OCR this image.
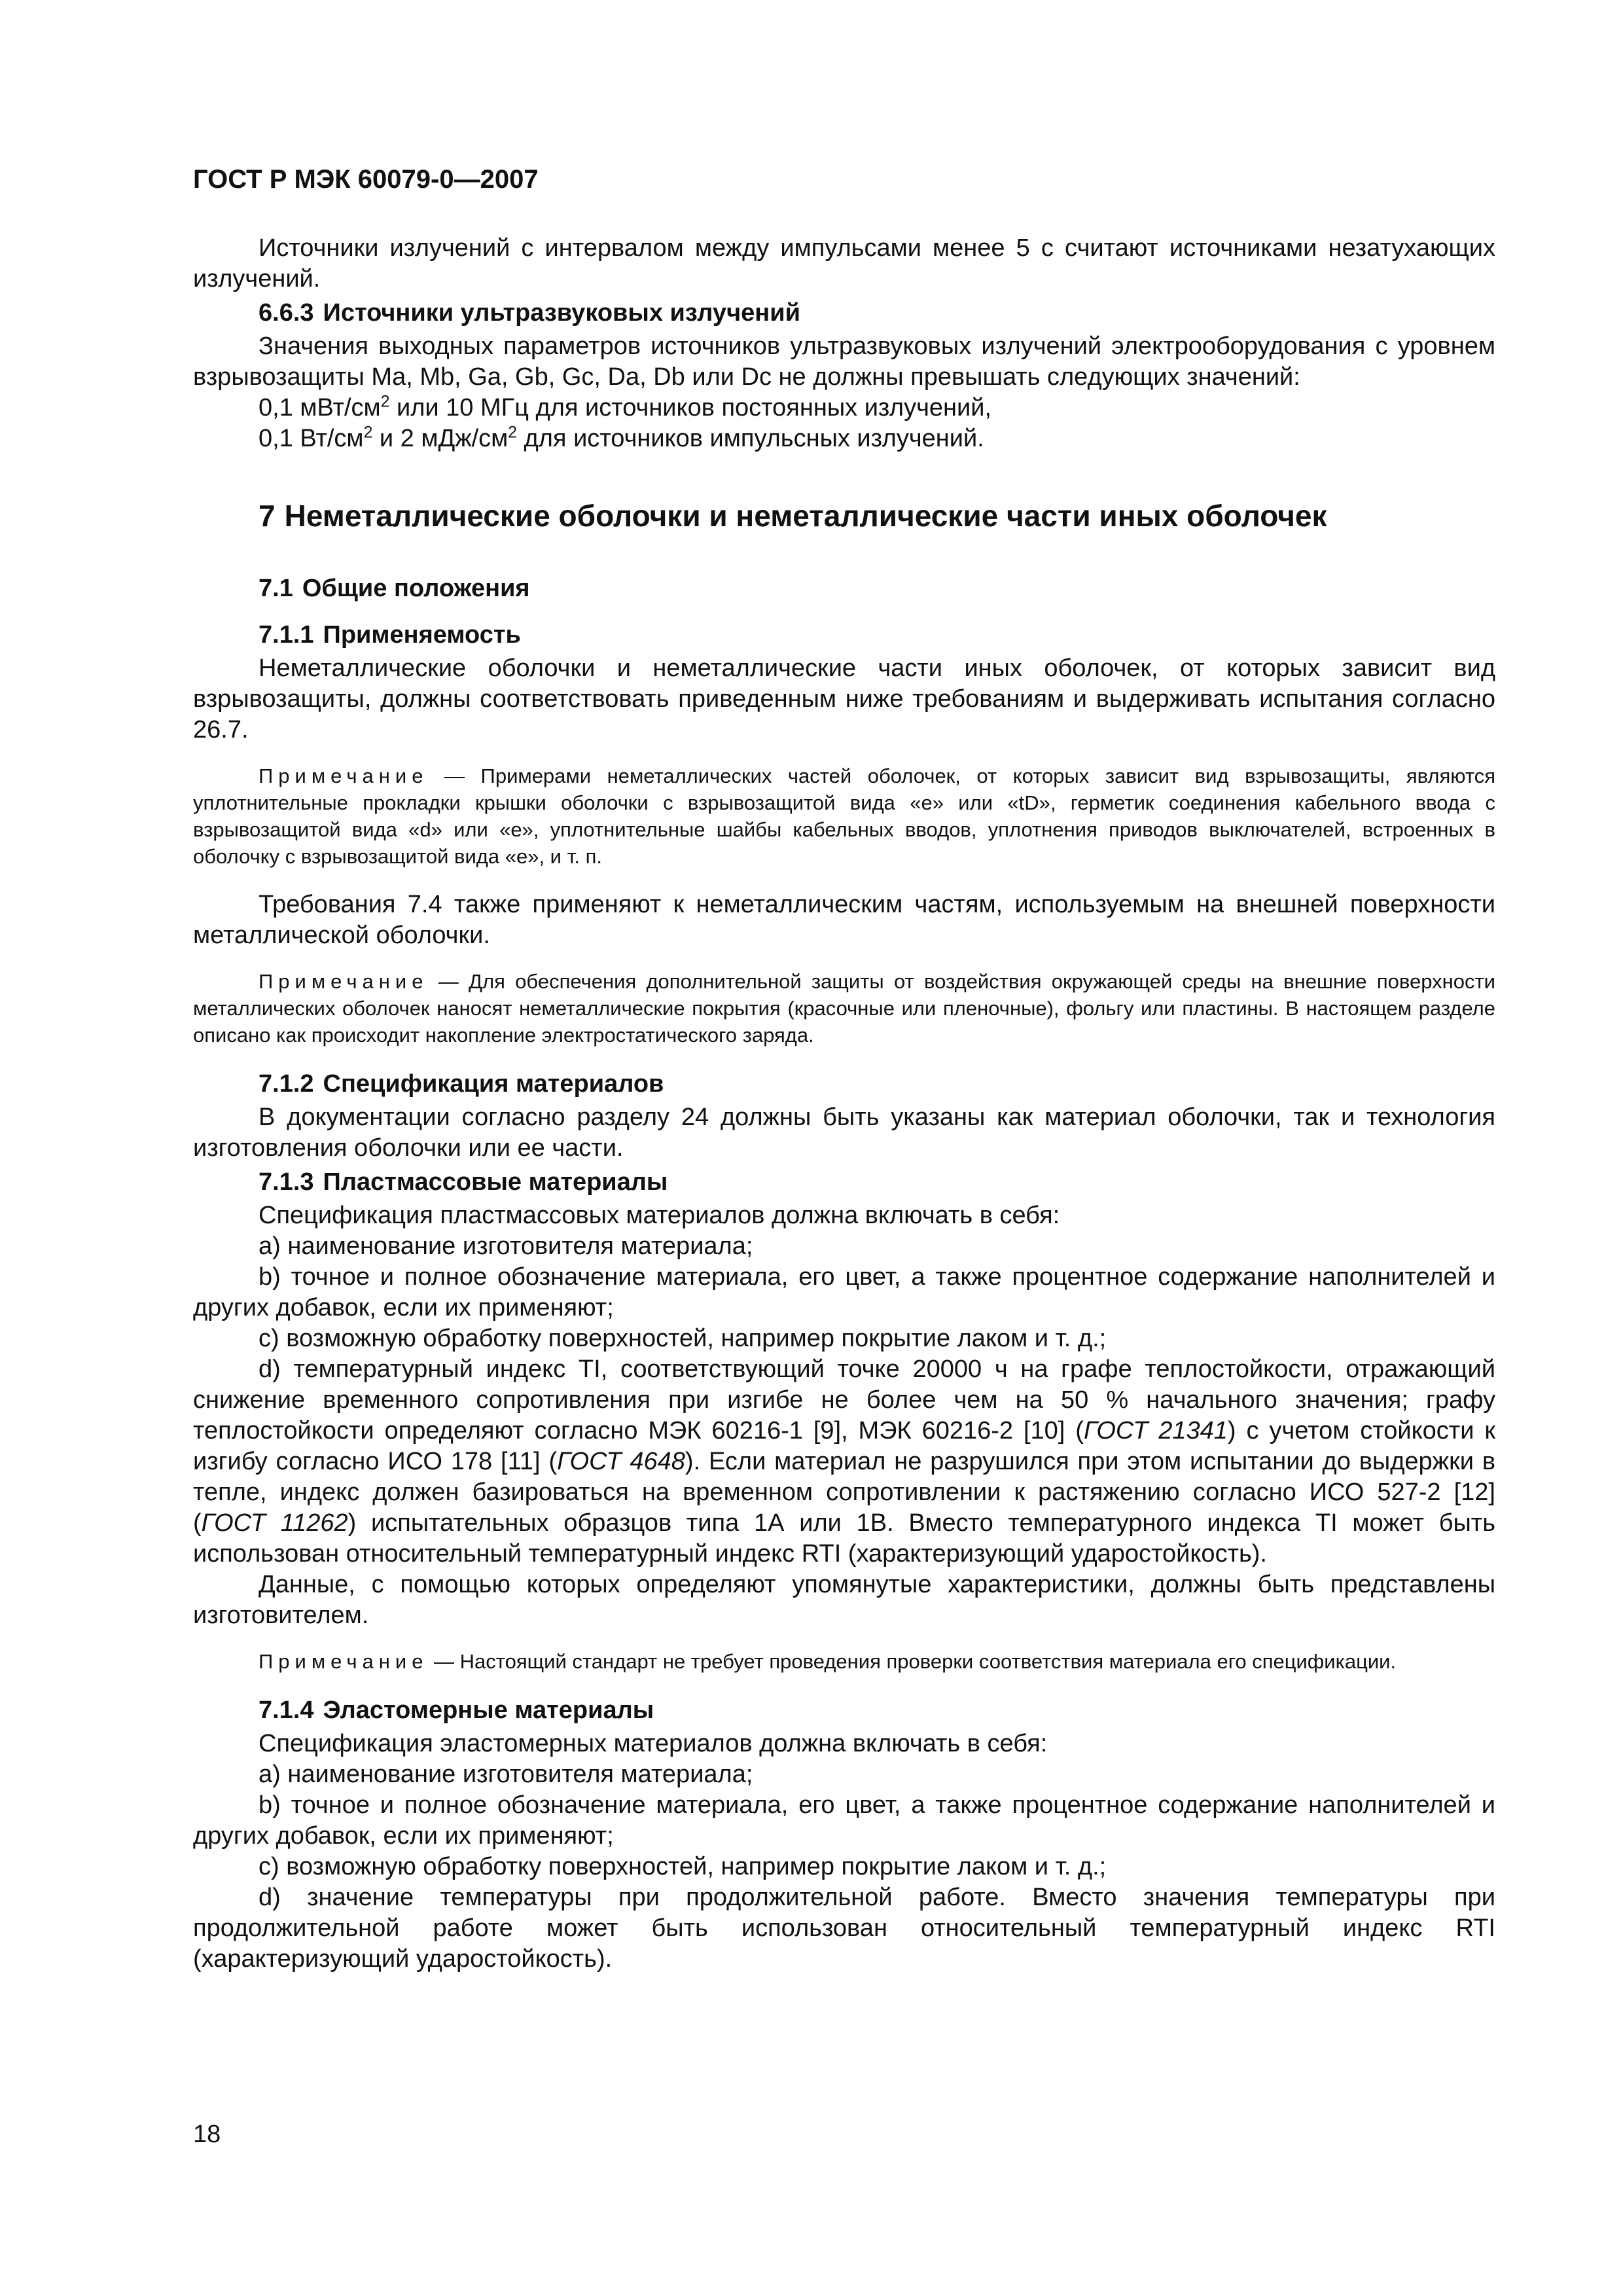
ГОСТ Р МЭК 60079-0—2007

Источники излучений с интервалом между импульсами менее 5 с считают источниками незатухающих излучений.

6.6.3 Источники ультразвуковых излучений

Значения выходных параметров источников ультразвуковых излучений электрооборудования с уровнем взрывозащиты Ma, Mb, Ga, Gb, Gc, Da, Db или Dc не должны превышать следующих значений:

0,1 мВт/$см^2$ или 10 МГц для источников постоянных излучений,

0,1 $Вт/см^2$ и 2 мДж/$см^2$ для источников импульсных излучений.

7 Неметаллические оболочки и неметаллические части иных оболочек
7.1 Общие положения
7.1.1 Применяемость

Неметаллические оболочки и неметаллические части иных оболочек, от которых зависит вид взрывозащиты, должны соответствовать приведенным ниже требованиям и выдерживать испытания согласно 26.7.

Примечание — Примерами неметаллических частей оболочек, от которых зависит вид взрывозащиты, являются уплотнительные прокладки крышки оболочки с взрывозащитой вида «е» или «tD», герметик соединения кабельного ввода с взрывозащитой вида «d» или «е», уплотнительные шайбы кабельных вводов, уплотнения приводов выключателей, встроенных в оболочку с взрывозащитой вида «е», и т. п.

Требования 7.4 также применяют к неметаллическим частям, используемым на внешней поверхности металлической оболочки.

Примечание — Для обеспечения дополнительной защиты от воздействия окружающей среды на внешние поверхности металлических оболочек наносят неметаллические покрытия (красочные или пленочные), фольгу или пластины. В настоящем разделе описано как происходит накопление электростатического заряда.

7.1.2 Спецификация материалов

В документации согласно разделу 24 должны быть указаны как материал оболочки, так и технология изготовления оболочки или ее части.

7.1.3 Пластмассовые материалы

Спецификация пластмассовых материалов должна включать в себя:

a) наименование изготовителя материала;

b) точное и полное обозначение материала, его цвет, а также процентное содержание наполнителей и других добавок, если их применяют;

c) возможную обработку поверхностей, например покрытие лаком и т. д.;

d) температурный индекс TI, соответствующий точке 20000 ч на графе теплостойкости, отражающий снижение временного сопротивления при изгибе не более чем на 50 % начального значения; графу теплостойкости определяют согласно МЭК 60216-1 [9], МЭК 60216-2 [10] (ГОСТ 21341) с учетом стойкости к изгибу согласно ИСО 178 [11] (ГОСТ 4648). Если материал не разрушился при этом испытании до выдержки в тепле, индекс должен базироваться на временном сопротивлении к растяжению согласно ИСО 527-2 [12] (ГОСТ 11262) испытательных образцов типа 1А или 1В. Вместо температурного индекса TI может быть использован относительный температурный индекс RTI (характеризующий ударостойкость).

Данные, с помощью которых определяют упомянутые характеристики, должны быть представлены изготовителем.

Примечание — Настоящий стандарт не требует проведения проверки соответствия материала его спецификации.

7.1.4 Эластомерные материалы

Спецификация эластомерных материалов должна включать в себя:

a) наименование изготовителя материала;

b) точное и полное обозначение материала, его цвет, а также процентное содержание наполнителей и других добавок, если их применяют;

c) возможную обработку поверхностей, например покрытие лаком и т. д.;

d) значение температуры при продолжительной работе. Вместо значения температуры при продолжительной работе может быть использован относительный температурный индекс RTI (характеризующий ударостойкость).

18
